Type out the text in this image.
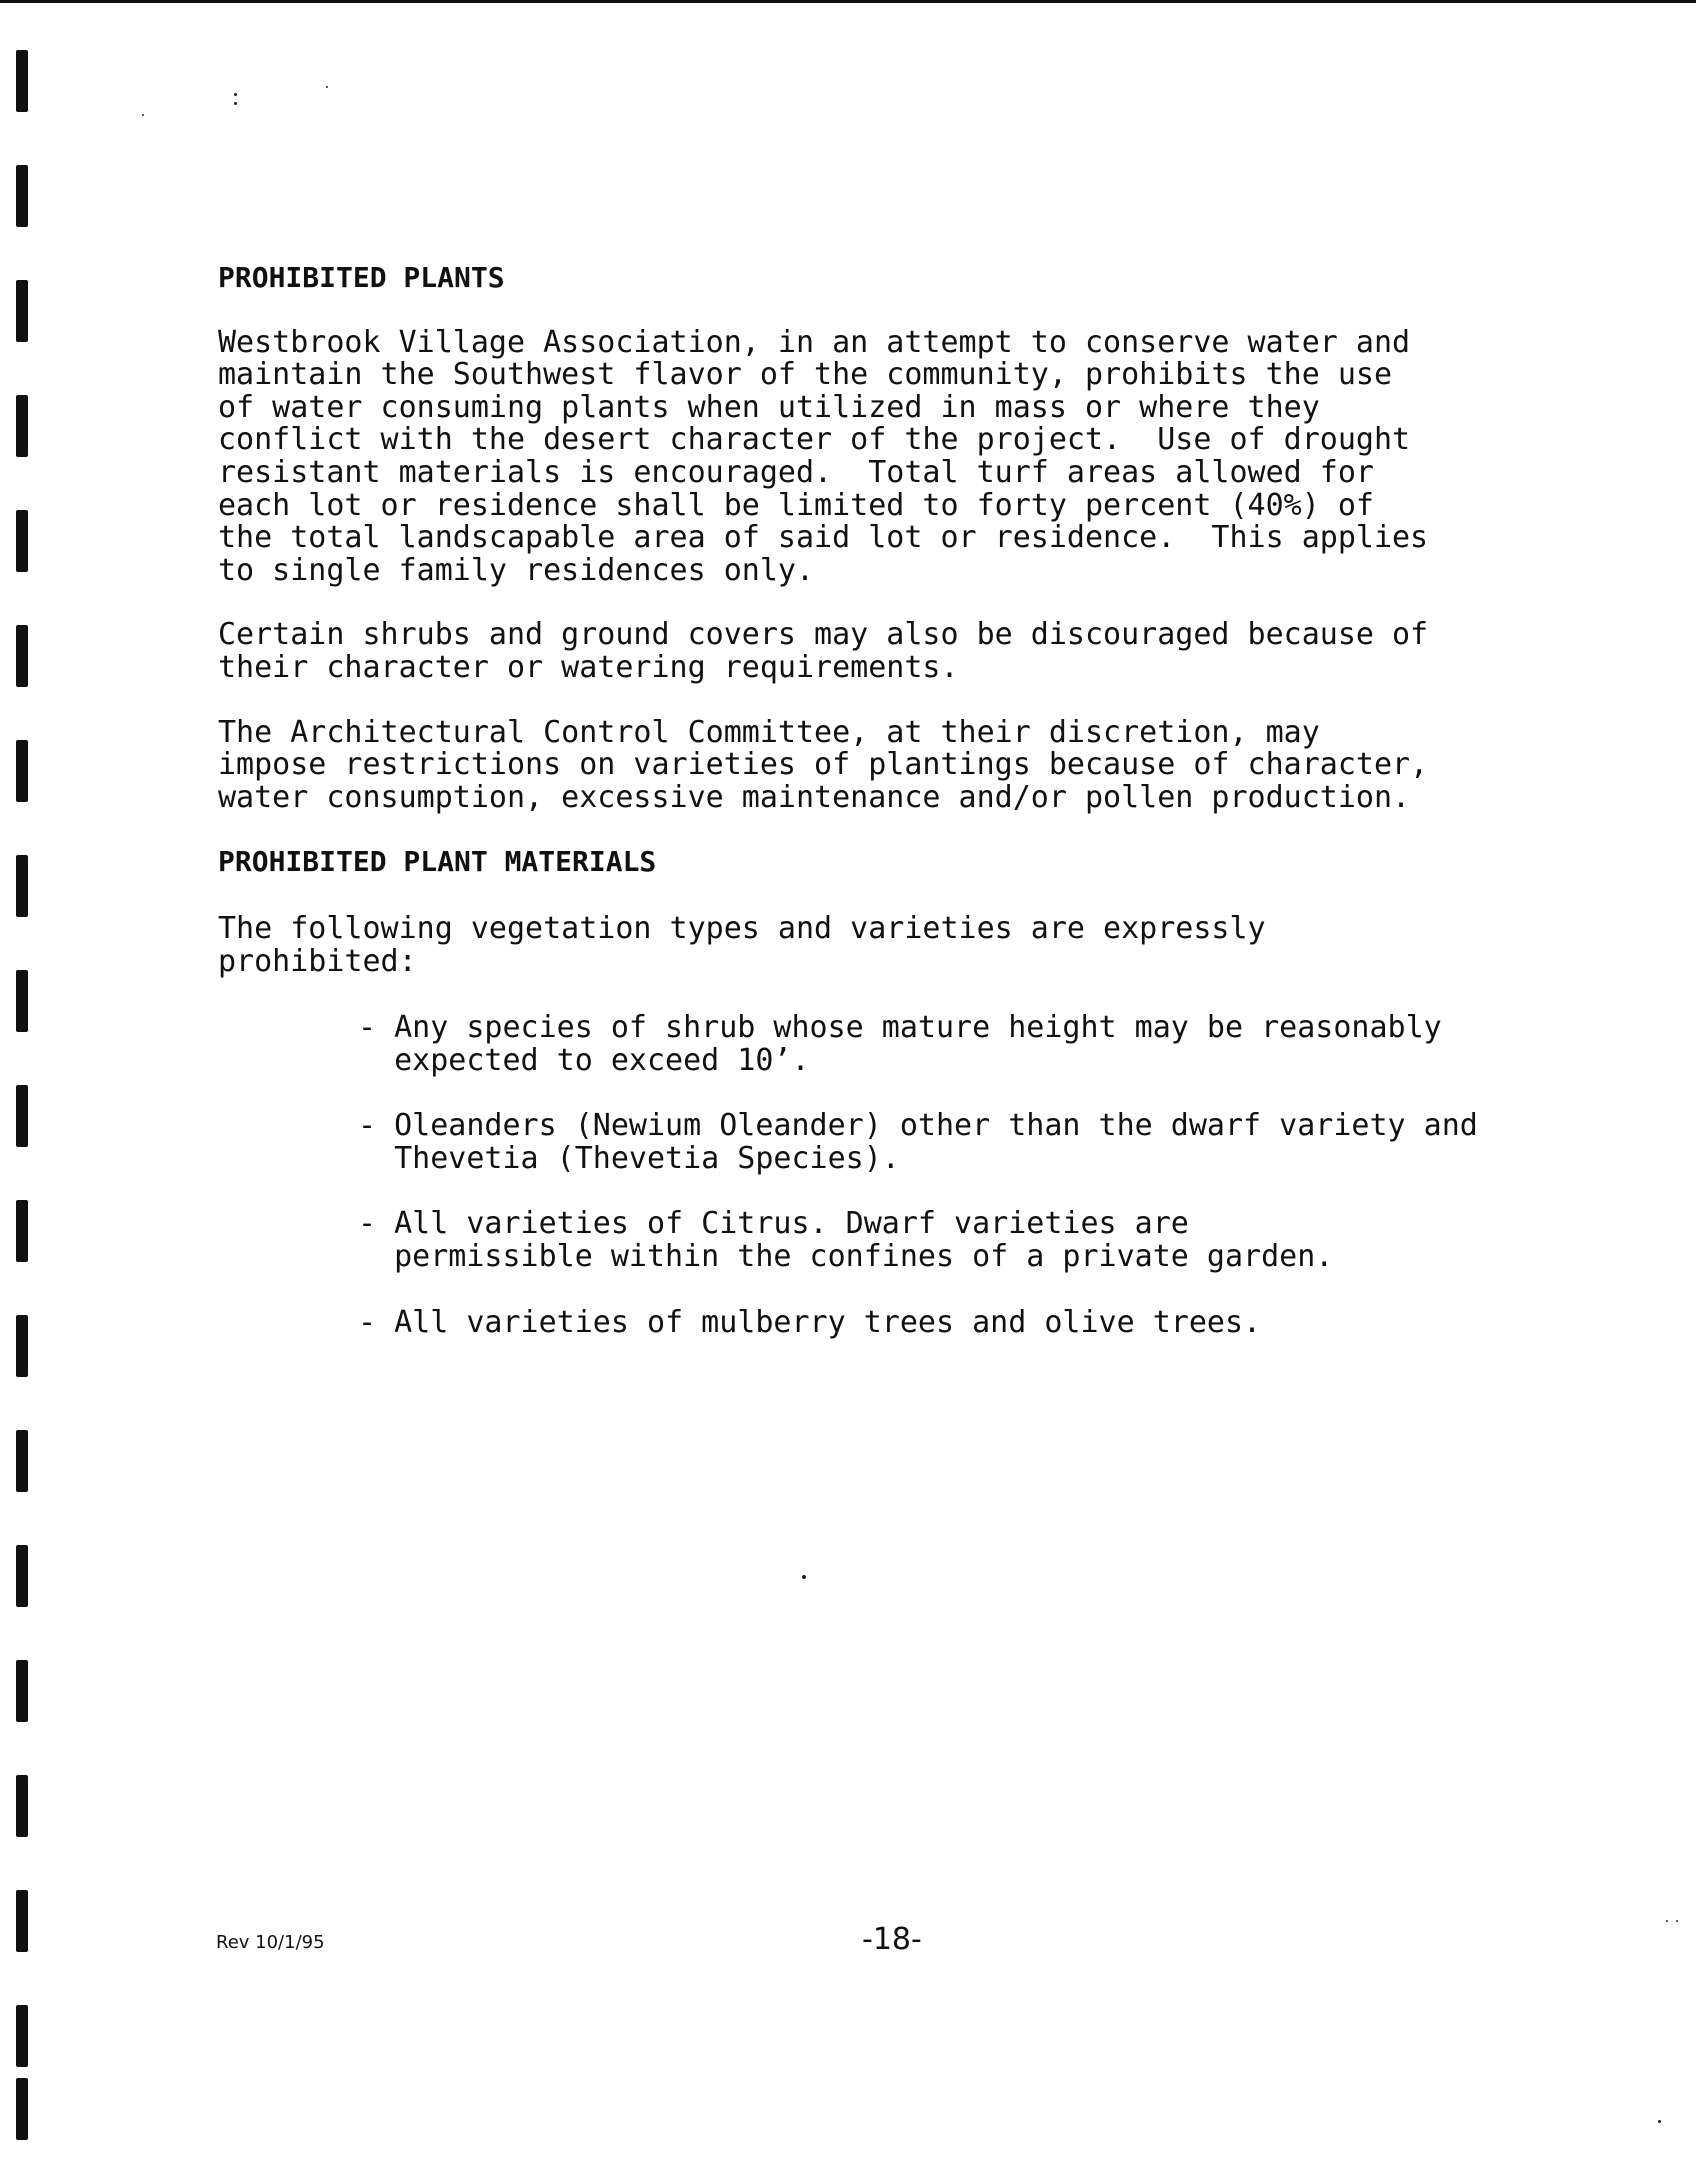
PROHIBITED PLANTS

Westbrook Village Association, in an attempt to conserve water and
maintain the Southwest flavor of the community, prohibits the use
of water consuming plants when utilized in mass or where they
conflict with the desert character of the project.  Use of drought
resistant materials is encouraged.  Total turf areas allowed for
each lot or residence shall be limited to forty percent (40%) of
the total landscapable area of said lot or residence.  This applies
to single family residences only.

Certain shrubs and ground covers may also be discouraged because of
their character or watering requirements.

The Architectural Control Committee, at their discretion, may
impose restrictions on varieties of plantings because of character,
water consumption, excessive maintenance and/or pollen production.

PROHIBITED PLANT MATERIALS

The following vegetation types and varieties are expressly
prohibited:

- Any species of shrub whose mature height may be reasonably
expected to exceed 10’.
- Oleanders (Newium Oleander) other than the dwarf variety and
Thevetia (Thevetia Species).
- All varieties of Citrus. Dwarf varieties are
permissible within the confines of a private garden.
- All varieties of mulberry trees and olive trees.
Rev 10/1/95	-18-
